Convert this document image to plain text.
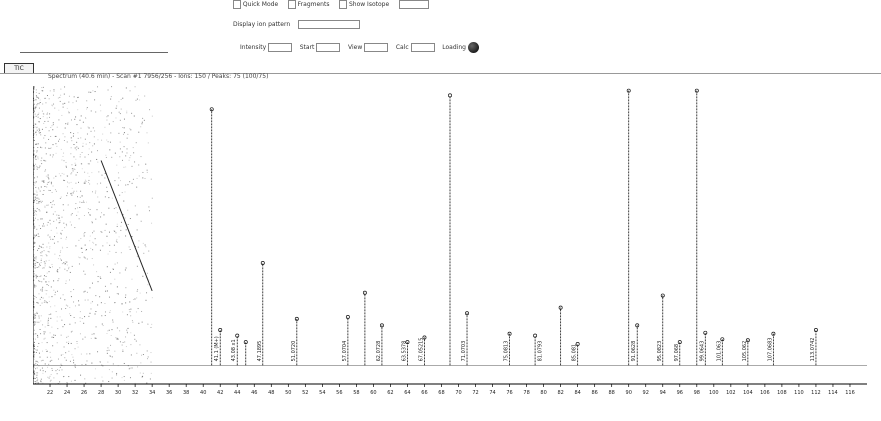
Quick Mode	Fragments	Show Isotope
Display ion pattern
Intensity	Start	View	Calc	Loading
TIC
Spectrum (40.6 min) - Scan #1 7956/256 - Ions: 150 / Peaks: 75 (100/75)
22 24 26 28 30 32 34 36 38 40 42 44 46 48 50 52 54 56 58 60 62 64 66 68 70 72 74 76 78 80 82 84 86 88 90 92 94 96 98 100 102 104 106 108 110 112 114 116
41.1 (M+) 43.08 x1	47.1895	51.0720	57.0704	62.0728	63.5378 67.05215	71.0703	75.0813	81.0793	85.081	91.0628	95.0823 97.068	99.0643 101.063	105.062	107.0683	113.0742
